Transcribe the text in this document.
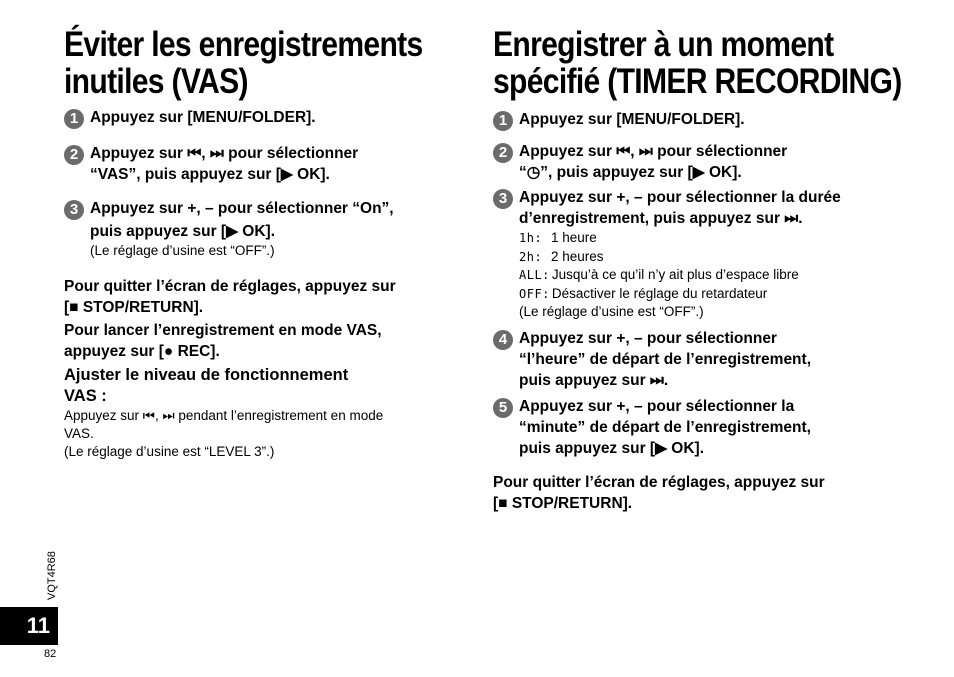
Éviter les enregistrements
inutiles (VAS)
1 Appuyez sur [MENU/FOLDER].
2 Appuyez sur ⏮, ⏭ pour sélectionner
“VAS”, puis appuyez sur [▶ OK].
3 Appuyez sur +, – pour sélectionner “On”,
puis appuyez sur [▶ OK].
(Le réglage d’usine est “OFF”.)
Pour quitter l’écran de réglages, appuyez sur
[■ STOP/RETURN].
Pour lancer l’enregistrement en mode VAS,
appuyez sur [● REC].
Ajuster le niveau de fonctionnement
VAS :
Appuyez sur ⏮, ⏭ pendant l’enregistrement en mode
VAS.
(Le réglage d’usine est “LEVEL 3”.)
Enregistrer à un moment
spécifié (TIMER RECORDING)
1 Appuyez sur [MENU/FOLDER].
2 Appuyez sur ⏮, ⏭ pour sélectionner
“◷”, puis appuyez sur [▶ OK].
3 Appuyez sur +, – pour sélectionner la durée
d’enregistrement, puis appuyez sur ⏭.
1h: 1 heure
2h: 2 heures
ALL: Jusqu’à ce qu’il n’y ait plus d’espace libre
OFF: Désactiver le réglage du retardateur
(Le réglage d’usine est “OFF”.)
4 Appuyez sur +, – pour sélectionner
“l’heure” de départ de l’enregistrement,
puis appuyez sur ⏭.
5 Appuyez sur +, – pour sélectionner la
“minute” de départ de l’enregistrement,
puis appuyez sur [▶ OK].
Pour quitter l’écran de réglages, appuyez sur
[■ STOP/RETURN].
VQT4R68
11
82
